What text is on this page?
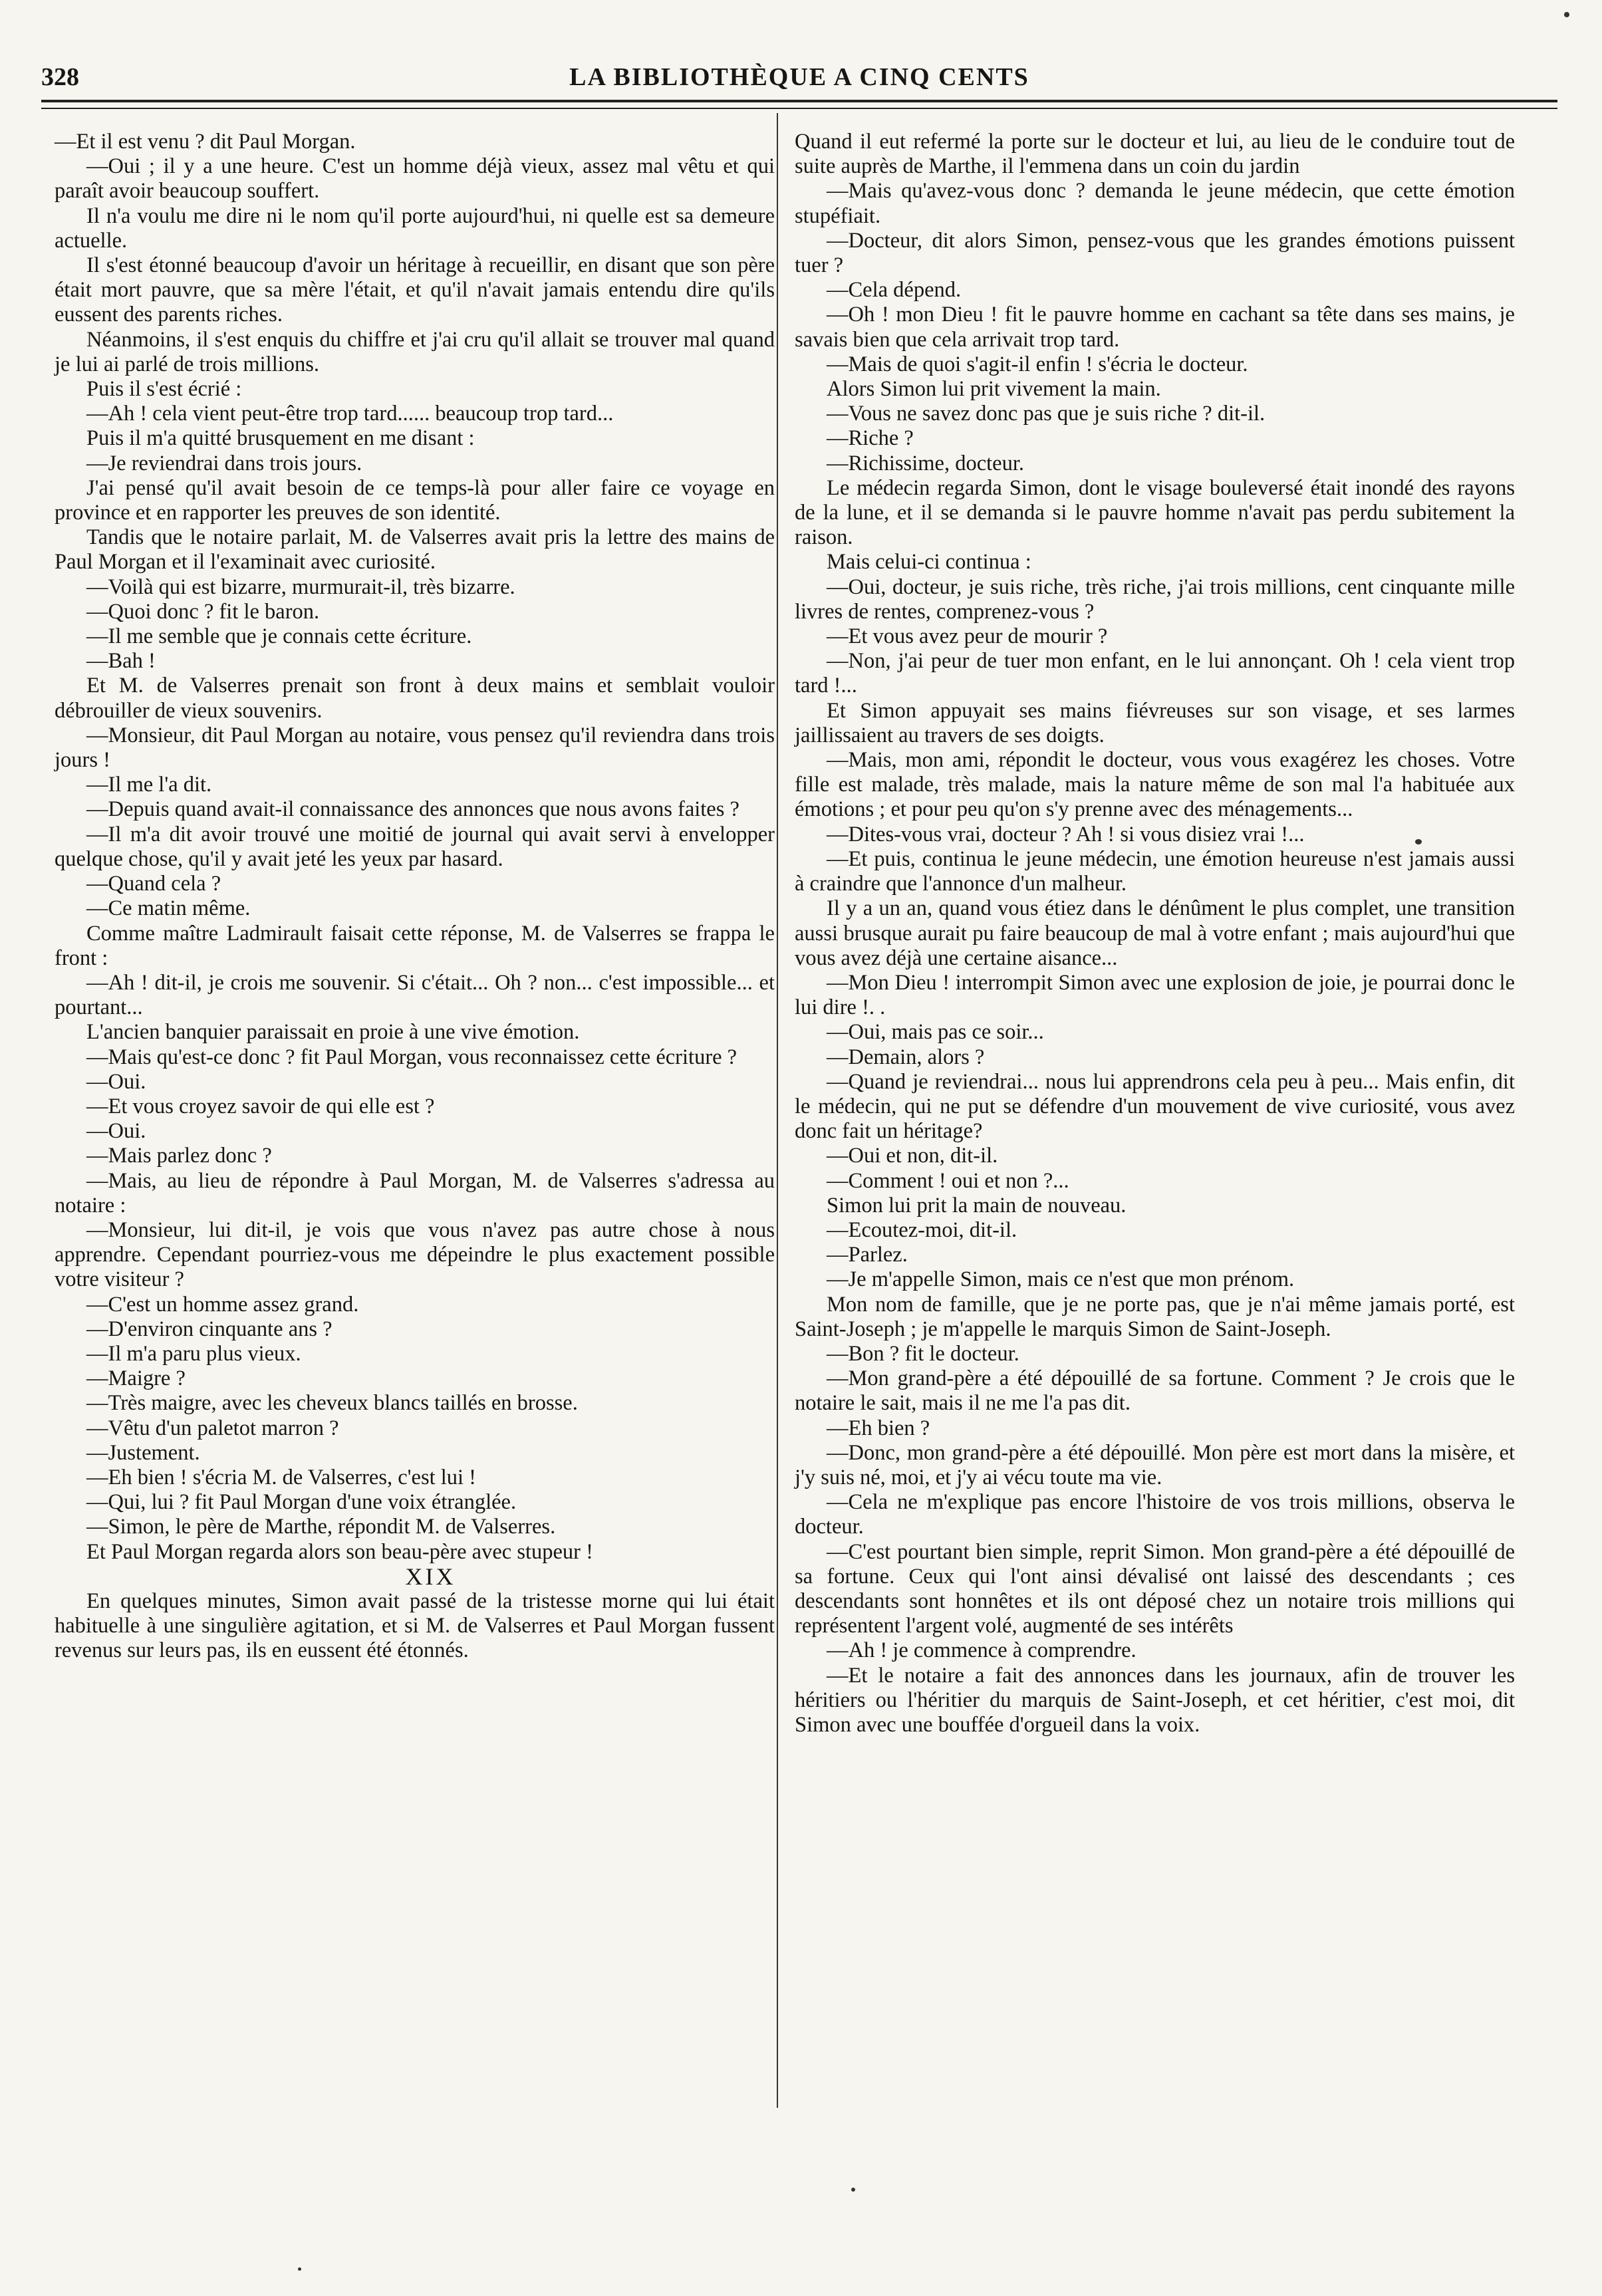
328	LA BIBLIOTHÈQUE A CINQ CENTS

—Et il est venu ? dit Paul Morgan.

—Oui ; il y a une heure. C'est un homme déjà vieux, assez mal vêtu et qui paraît avoir beaucoup souffert.

Il n'a voulu me dire ni le nom qu'il porte aujourd'hui, ni quelle est sa demeure actuelle.

Il s'est étonné beaucoup d'avoir un héritage à recueillir, en disant que son père était mort pauvre, que sa mère l'était, et qu'il n'avait jamais entendu dire qu'ils eussent des parents riches.

Néanmoins, il s'est enquis du chiffre et j'ai cru qu'il allait se trouver mal quand je lui ai parlé de trois millions.

Puis il s'est écrié :

—Ah ! cela vient peut-être trop tard...... beaucoup trop tard...

Puis il m'a quitté brusquement en me disant :

—Je reviendrai dans trois jours.

J'ai pensé qu'il avait besoin de ce temps-là pour aller faire ce voyage en province et en rapporter les preuves de son identité.

Tandis que le notaire parlait, M. de Valserres avait pris la lettre des mains de Paul Morgan et il l'examinait avec curiosité.

—Voilà qui est bizarre, murmurait-il, très bizarre.

—Quoi donc ? fit le baron.

—Il me semble que je connais cette écriture.

—Bah !

Et M. de Valserres prenait son front à deux mains et semblait vouloir débrouiller de vieux souvenirs.

—Monsieur, dit Paul Morgan au notaire, vous pensez qu'il reviendra dans trois jours !

—Il me l'a dit.

—Depuis quand avait-il connaissance des annonces que nous avons faites ?

—Il m'a dit avoir trouvé une moitié de journal qui avait servi à envelopper quelque chose, qu'il y avait jeté les yeux par hasard.

—Quand cela ?

—Ce matin même.

Comme maître Ladmirault faisait cette réponse, M. de Valserres se frappa le front :

—Ah ! dit-il, je crois me souvenir. Si c'était... Oh ? non... c'est impossible... et pourtant...

L'ancien banquier paraissait en proie à une vive émotion.

—Mais qu'est-ce donc ? fit Paul Morgan, vous reconnaissez cette écriture ?

—Oui.

—Et vous croyez savoir de qui elle est ?

—Oui.

—Mais parlez donc ?

—Mais, au lieu de répondre à Paul Morgan, M. de Valserres s'adressa au notaire :

—Monsieur, lui dit-il, je vois que vous n'avez pas autre chose à nous apprendre. Cependant pourriez-vous me dépeindre le plus exactement possible votre visiteur ?

—C'est un homme assez grand.

—D'environ cinquante ans ?

—Il m'a paru plus vieux.

—Maigre ?

—Très maigre, avec les cheveux blancs taillés en brosse.

—Vêtu d'un paletot marron ?

—Justement.

—Eh bien ! s'écria M. de Valserres, c'est lui !

—Qui, lui ? fit Paul Morgan d'une voix étranglée.

—Simon, le père de Marthe, répondit M. de Valserres.

Et Paul Morgan regarda alors son beau-père avec stupeur !

XIX

En quelques minutes, Simon avait passé de la tristesse morne qui lui était habituelle à une singulière agitation, et si M. de Valserres et Paul Morgan fussent revenus sur leurs pas, ils en eussent été étonnés.

Quand il eut refermé la porte sur le docteur et lui, au lieu de le conduire tout de suite auprès de Marthe, il l'emmena dans un coin du jardin

—Mais qu'avez-vous donc ? demanda le jeune médecin, que cette émotion stupéfiait.

—Docteur, dit alors Simon, pensez-vous que les grandes émotions puissent tuer ?

—Cela dépend.

—Oh ! mon Dieu ! fit le pauvre homme en cachant sa tête dans ses mains, je savais bien que cela arrivait trop tard.

—Mais de quoi s'agit-il enfin ! s'écria le docteur.

Alors Simon lui prit vivement la main.

—Vous ne savez donc pas que je suis riche ? dit-il.

—Riche ?

—Richissime, docteur.

Le médecin regarda Simon, dont le visage bouleversé était inondé des rayons de la lune, et il se demanda si le pauvre homme n'avait pas perdu subitement la raison.

Mais celui-ci continua :

—Oui, docteur, je suis riche, très riche, j'ai trois millions, cent cinquante mille livres de rentes, comprenez-vous ?

—Et vous avez peur de mourir ?

—Non, j'ai peur de tuer mon enfant, en le lui annonçant. Oh ! cela vient trop tard !...

Et Simon appuyait ses mains fiévreuses sur son visage, et ses larmes jaillissaient au travers de ses doigts.

—Mais, mon ami, répondit le docteur, vous vous exagérez les choses. Votre fille est malade, très malade, mais la nature même de son mal l'a habituée aux émotions ; et pour peu qu'on s'y prenne avec des ménagements...

—Dites-vous vrai, docteur ? Ah ! si vous disiez vrai !...

—Et puis, continua le jeune médecin, une émotion heureuse n'est jamais aussi à craindre que l'annonce d'un malheur.

Il y a un an, quand vous étiez dans le dénûment le plus complet, une transition aussi brusque aurait pu faire beaucoup de mal à votre enfant ; mais aujourd'hui que vous avez déjà une certaine aisance...

—Mon Dieu ! interrompit Simon avec une explosion de joie, je pourrai donc le lui dire !. .

—Oui, mais pas ce soir...

—Demain, alors ?

—Quand je reviendrai... nous lui apprendrons cela peu à peu... Mais enfin, dit le médecin, qui ne put se défendre d'un mouvement de vive curiosité, vous avez donc fait un héritage?

—Oui et non, dit-il.

—Comment ! oui et non ?...

Simon lui prit la main de nouveau.

—Ecoutez-moi, dit-il.

—Parlez.

—Je m'appelle Simon, mais ce n'est que mon prénom.

Mon nom de famille, que je ne porte pas, que je n'ai même jamais porté, est Saint-Joseph ; je m'appelle le marquis Simon de Saint-Joseph.

—Bon ? fit le docteur.

—Mon grand-père a été dépouillé de sa fortune. Comment ? Je crois que le notaire le sait, mais il ne me l'a pas dit.

—Eh bien ?

—Donc, mon grand-père a été dépouillé. Mon père est mort dans la misère, et j'y suis né, moi, et j'y ai vécu toute ma vie.

—Cela ne m'explique pas encore l'histoire de vos trois millions, observa le docteur.

—C'est pourtant bien simple, reprit Simon. Mon grand-père a été dépouillé de sa fortune. Ceux qui l'ont ainsi dévalisé ont laissé des descendants ; ces descendants sont honnêtes et ils ont déposé chez un notaire trois millions qui représentent l'argent volé, augmenté de ses intérêts

—Ah ! je commence à comprendre.

—Et le notaire a fait des annonces dans les journaux, afin de trouver les héritiers ou l'héritier du marquis de Saint-Joseph, et cet héritier, c'est moi, dit Simon avec une bouffée d'orgueil dans la voix.
